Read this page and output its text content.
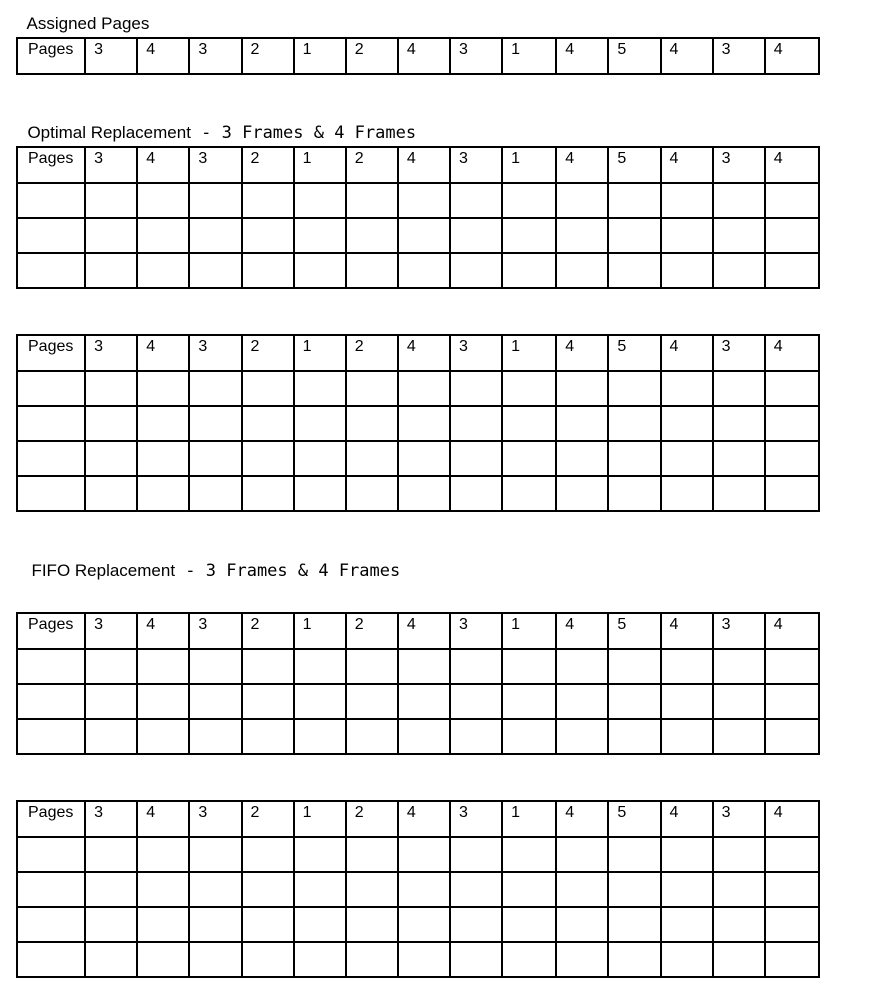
Assigned Pages

Pages	3	4	3	2	1	2	4	3	1	4	5	4	3	4

Optimal Replacement - 3 Frames & 4 Frames

Pages	3	4	3	2	1	2	4	3	1	4	5	4	3	4

Pages	3	4	3	2	1	2	4	3	1	4	5	4	3	4

FIFO Replacement - 3 Frames & 4 Frames

Pages	3	4	3	2	1	2	4	3	1	4	5	4	3	4

Pages	3	4	3	2	1	2	4	3	1	4	5	4	3	4
